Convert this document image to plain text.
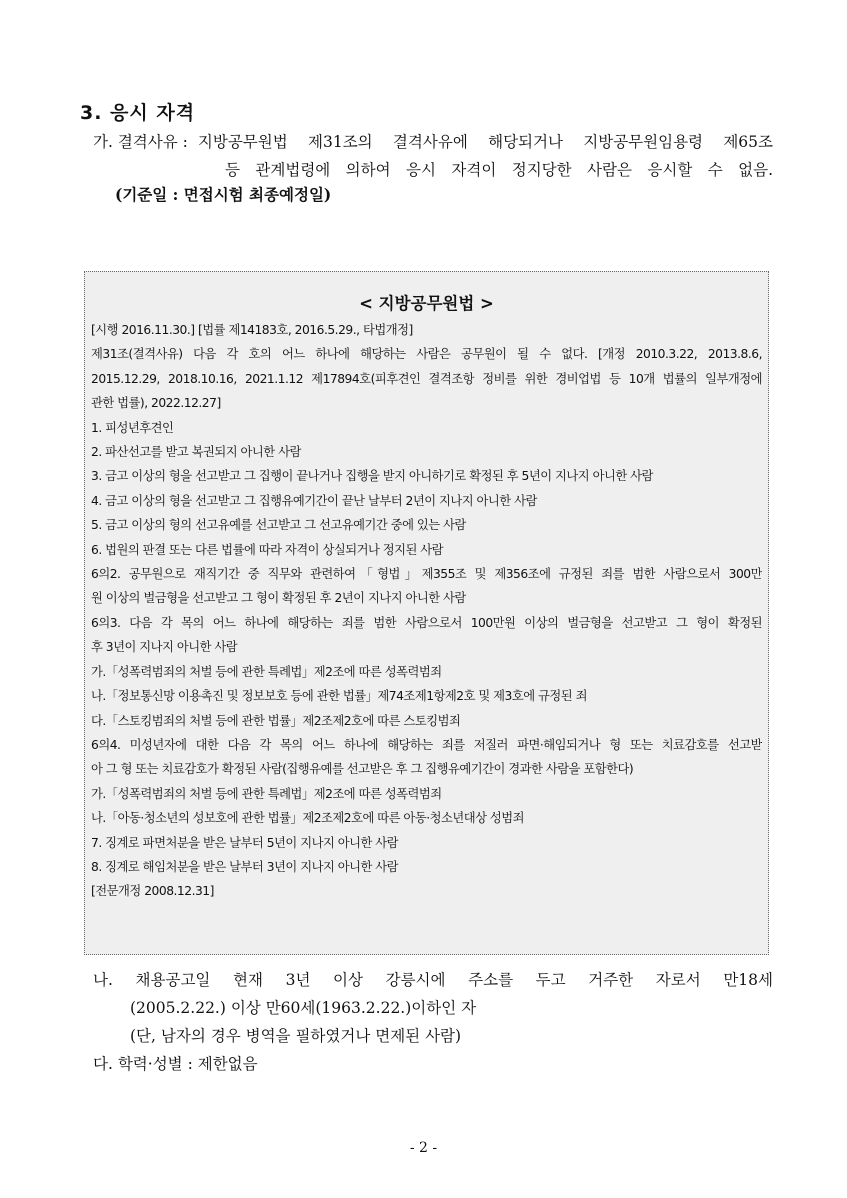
3. 응시 자격
가. 결격사유 : 지방공무원법 제31조의 결격사유에 해당되거나 지방공무원임용령 제65조
등 관계법령에 의하여 응시 자격이 정지당한 사람은 응시할 수 없음.
(기준일 : 면접시험 최종예정일)
< 지방공무원법 >
[시행 2016.11.30.] [법률 제14183호, 2016.5.29., 타법개정]
제31조(결격사유) 다음 각 호의 어느 하나에 해당하는 사람은 공무원이 될 수 없다. [개정 2010.3.22, 2013.8.6,
2015.12.29, 2018.10.16, 2021.1.12 제17894호(피후견인 결격조항 정비를 위한 경비업법 등 10개 법률의 일부개정에
관한 법률), 2022.12.27]
1. 피성년후견인
2. 파산선고를 받고 복권되지 아니한 사람
3. 금고 이상의 형을 선고받고 그 집행이 끝나거나 집행을 받지 아니하기로 확정된 후 5년이 지나지 아니한 사람
4. 금고 이상의 형을 선고받고 그 집행유예기간이 끝난 날부터 2년이 지나지 아니한 사람
5. 금고 이상의 형의 선고유예를 선고받고 그 선고유예기간 중에 있는 사람
6. 법원의 판결 또는 다른 법률에 따라 자격이 상실되거나 정지된 사람
6의2. 공무원으로 재직기간 중 직무와 관련하여「형법」제355조 및 제356조에 규정된 죄를 범한 사람으로서 300만
원 이상의 벌금형을 선고받고 그 형이 확정된 후 2년이 지나지 아니한 사람
6의3. 다음 각 목의 어느 하나에 해당하는 죄를 범한 사람으로서 100만원 이상의 벌금형을 선고받고 그 형이 확정된
후 3년이 지나지 아니한 사람
가.「성폭력범죄의 처벌 등에 관한 특례법」제2조에 따른 성폭력범죄
나.「정보통신망 이용촉진 및 정보보호 등에 관한 법률」제74조제1항제2호 및 제3호에 규정된 죄
다.「스토킹범죄의 처벌 등에 관한 법률」제2조제2호에 따른 스토킹범죄
6의4. 미성년자에 대한 다음 각 목의 어느 하나에 해당하는 죄를 저질러 파면·해임되거나 형 또는 치료감호를 선고받
아 그 형 또는 치료감호가 확정된 사람(집행유예를 선고받은 후 그 집행유예기간이 경과한 사람을 포함한다)
가.「성폭력범죄의 처벌 등에 관한 특례법」제2조에 따른 성폭력범죄
나.「아동·청소년의 성보호에 관한 법률」제2조제2호에 따른 아동·청소년대상 성범죄
7. 징계로 파면처분을 받은 날부터 5년이 지나지 아니한 사람
8. 징계로 해임처분을 받은 날부터 3년이 지나지 아니한 사람
[전문개정 2008.12.31]
나. 채용공고일 현재 3년 이상 강릉시에 주소를 두고 거주한 자로서 만18세
(2005.2.22.) 이상 만60세(1963.2.22.)이하인 자
(단, 남자의 경우 병역을 필하였거나 면제된 사람)
다. 학력·성별 : 제한없음
- 2 -
